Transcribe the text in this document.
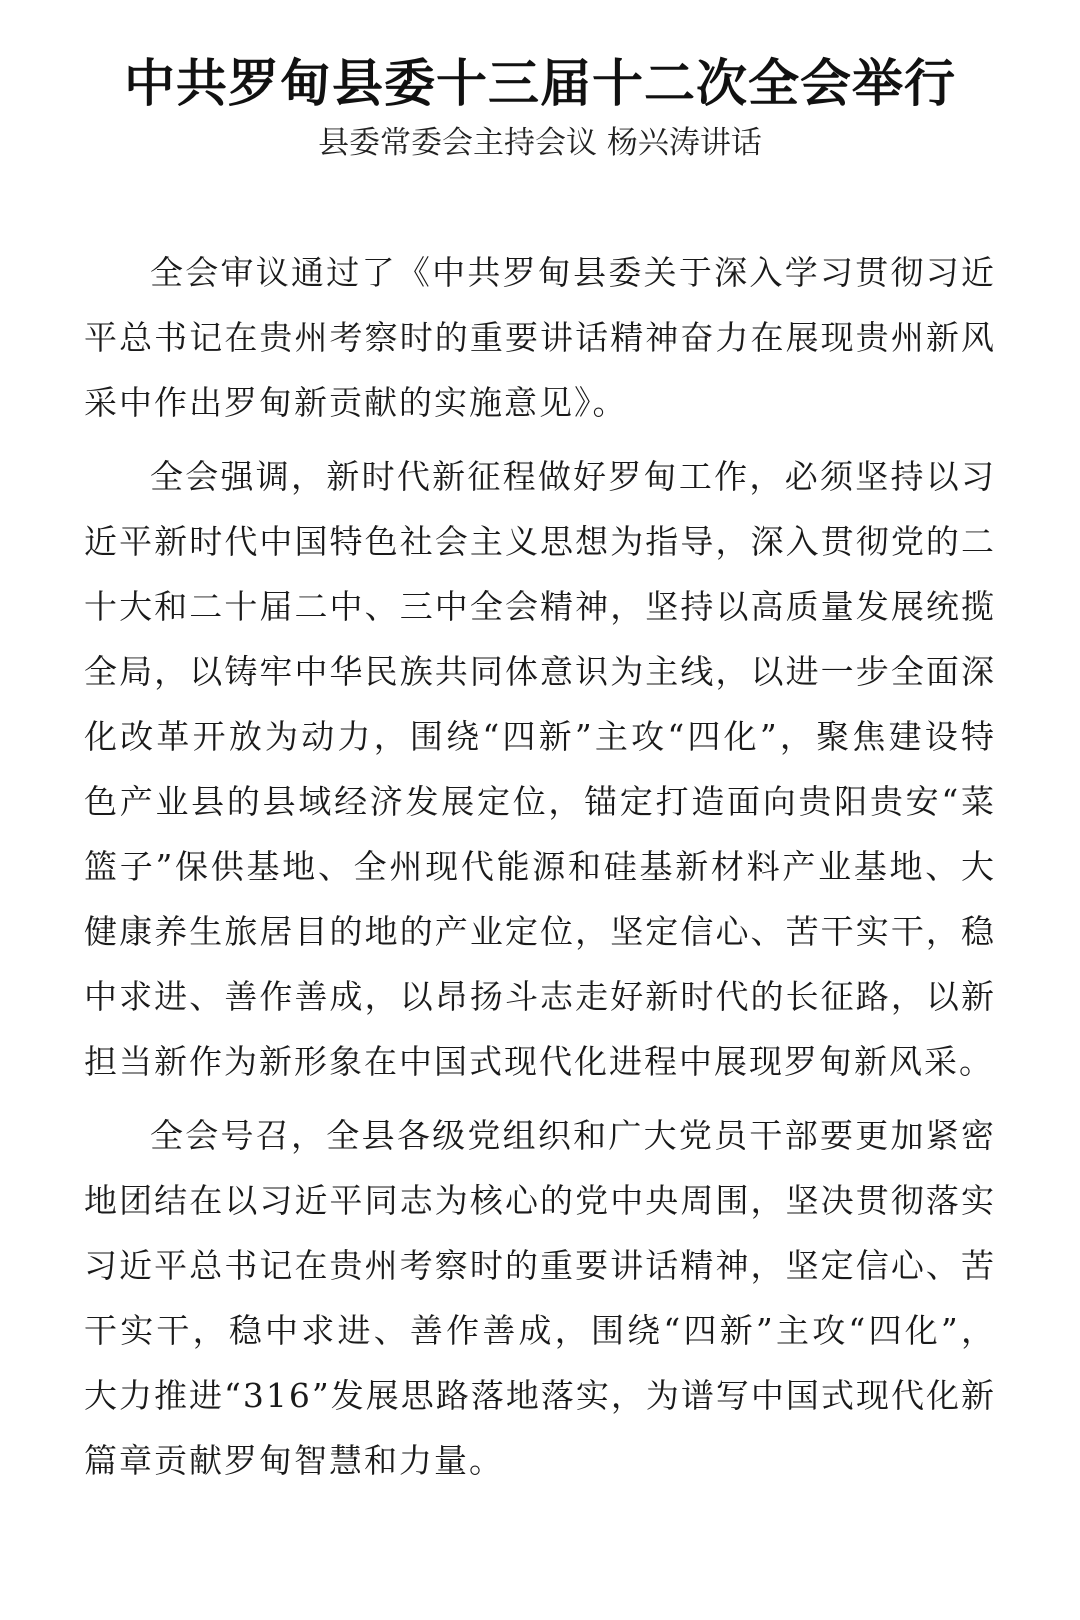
中共罗甸县委十三届十二次全会举行
县委常委会主持会议 杨兴涛讲话

全会审议通过了《中共罗甸县委关于深入学习贯彻习近平总书记在贵州考察时的重要讲话精神奋力在展现贵州新风采中作出罗甸新贡献的实施意见》。

全会强调，新时代新征程做好罗甸工作，必须坚持以习近平新时代中国特色社会主义思想为指导，深入贯彻党的二十大和二十届二中、三中全会精神，坚持以高质量发展统揽全局，以铸牢中华民族共同体意识为主线，以进一步全面深化改革开放为动力，围绕“四新”主攻“四化”，聚焦建设特色产业县的县域经济发展定位，锚定打造面向贵阳贵安“菜篮子”保供基地、全州现代能源和硅基新材料产业基地、大健康养生旅居目的地的产业定位，坚定信心、苦干实干，稳中求进、善作善成，以昂扬斗志走好新时代的长征路，以新担当新作为新形象在中国式现代化进程中展现罗甸新风采。

全会号召，全县各级党组织和广大党员干部要更加紧密地团结在以习近平同志为核心的党中央周围，坚决贯彻落实习近平总书记在贵州考察时的重要讲话精神，坚定信心、苦干实干，稳中求进、善作善成，围绕“四新”主攻“四化”，大力推进“316”发展思路落地落实，为谱写中国式现代化新篇章贡献罗甸智慧和力量。
